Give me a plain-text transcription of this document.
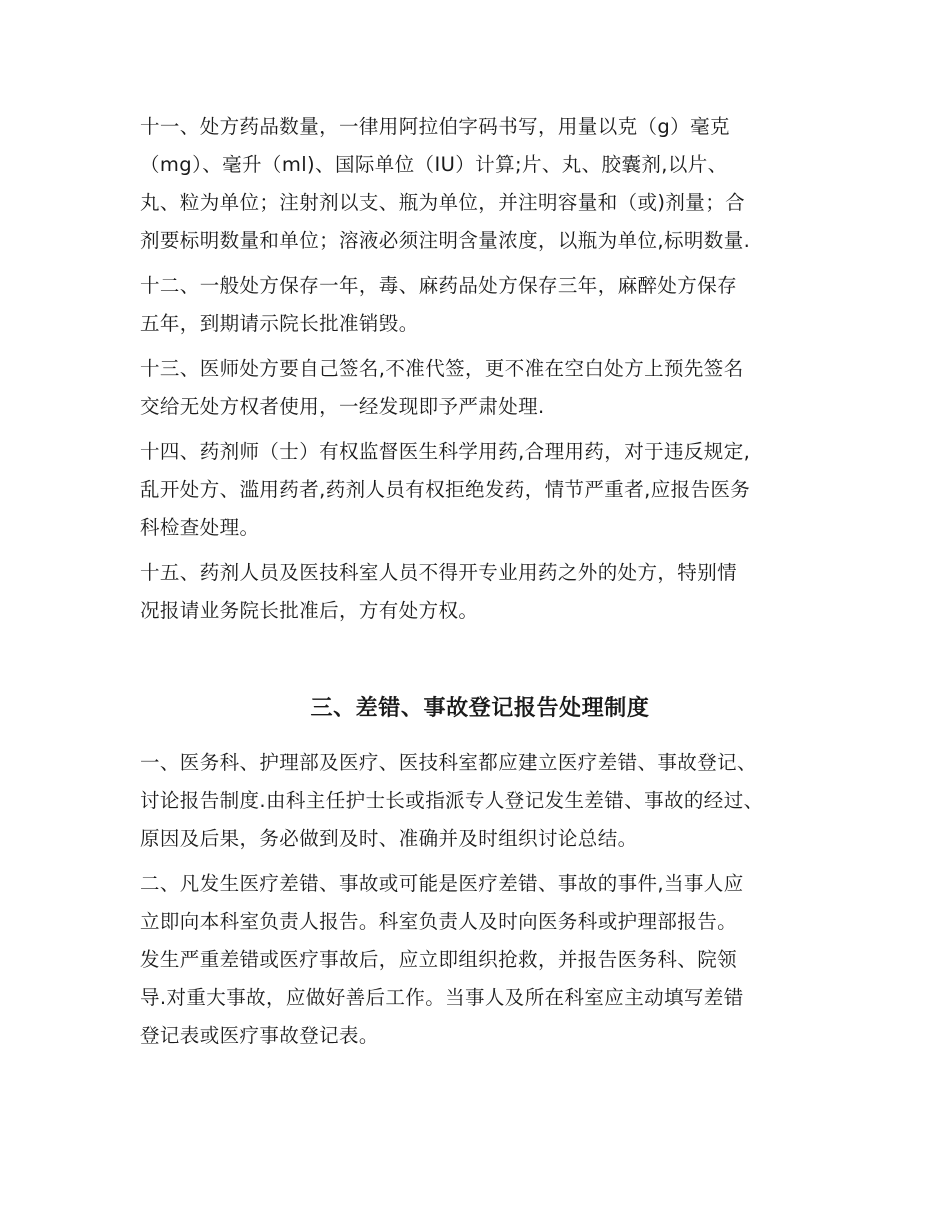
十一、处方药品数量，一律用阿拉伯字码书写，用量以克（g）毫克
（mg）、毫升（ml)、国际单位（IU）计算;片、丸、胶囊剂,以片、
丸、粒为单位；注射剂以支、瓶为单位，并注明容量和（或)剂量；合
剂要标明数量和单位；溶液必须注明含量浓度，以瓶为单位,标明数量.

十二、一般处方保存一年，毒、麻药品处方保存三年，麻醉处方保存
五年，到期请示院长批准销毁。

十三、医师处方要自己签名,不准代签，更不准在空白处方上预先签名
交给无处方权者使用，一经发现即予严肃处理.

十四、药剂师（士）有权监督医生科学用药,合理用药，对于违反规定,
乱开处方、滥用药者,药剂人员有权拒绝发药，情节严重者,应报告医务
科检查处理。

十五、药剂人员及医技科室人员不得开专业用药之外的处方，特别情
况报请业务院长批准后，方有处方权。

三、差错、事故登记报告处理制度

一、医务科、护理部及医疗、医技科室都应建立医疗差错、事故登记、
讨论报告制度.由科主任护士长或指派专人登记发生差错、事故的经过、
原因及后果，务必做到及时、准确并及时组织讨论总结。

二、凡发生医疗差错、事故或可能是医疗差错、事故的事件,当事人应
立即向本科室负责人报告。科室负责人及时向医务科或护理部报告。
发生严重差错或医疗事故后，应立即组织抢救，并报告医务科、院领
导.对重大事故，应做好善后工作。当事人及所在科室应主动填写差错
登记表或医疗事故登记表。
